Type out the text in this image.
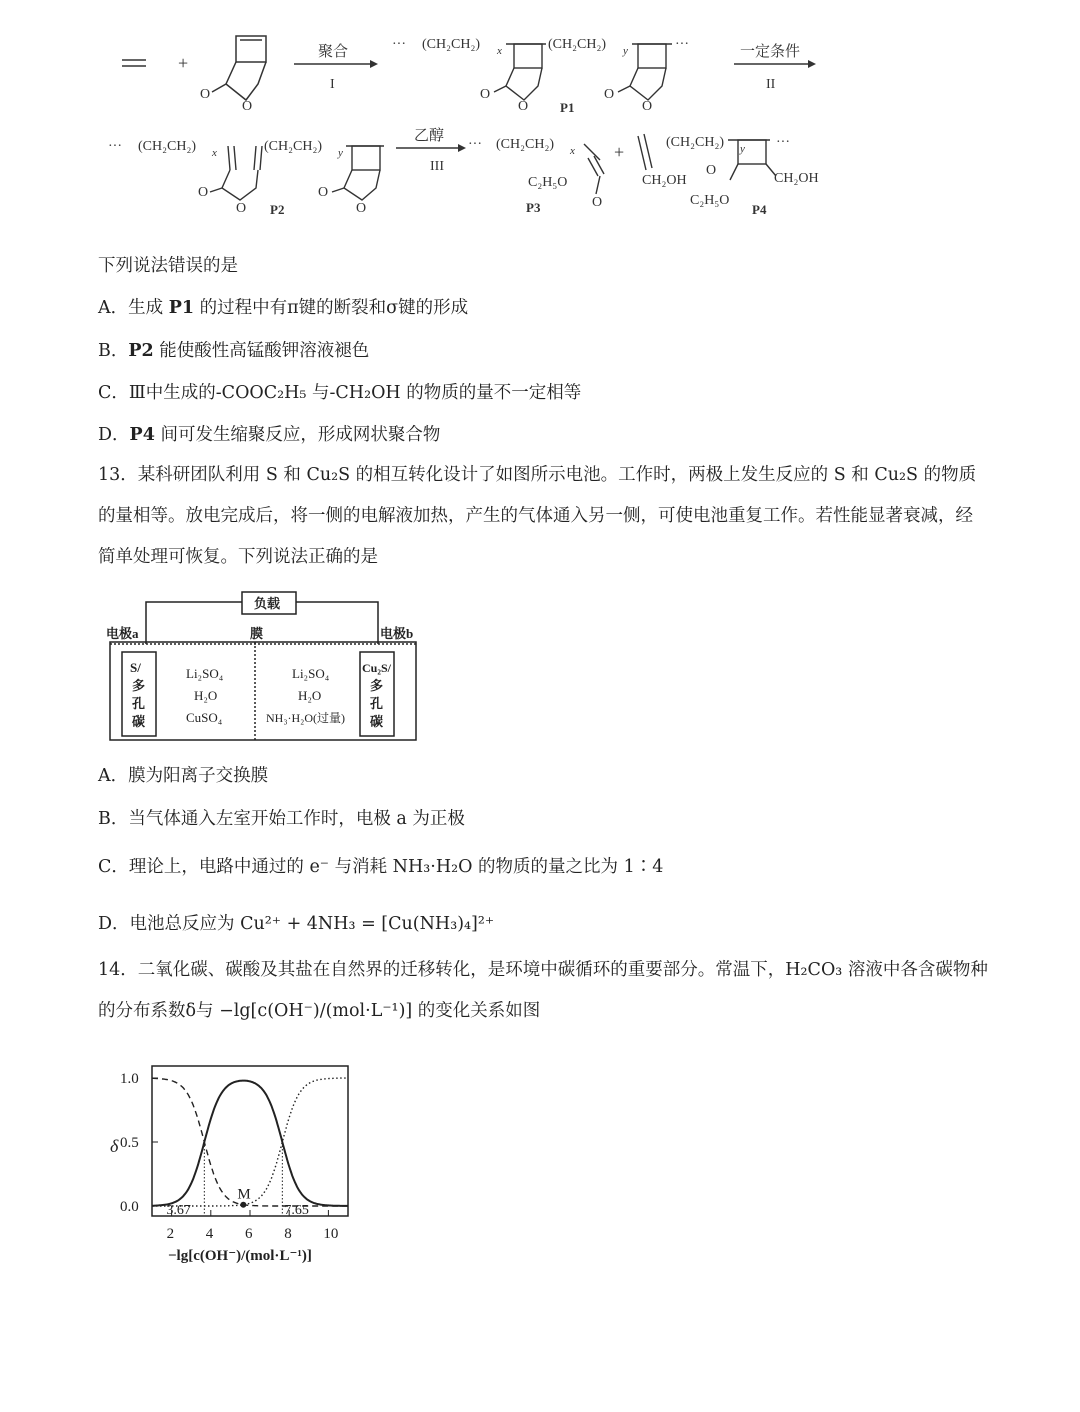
+
O
O
聚合
I
··· (CH₂CH₂) x	(CH₂CH₂) y	···
O
O
O
O
P1
一定条件
II
··· (CH₂CH₂) x	(CH₂CH₂) y
O
O
O
O
P2
乙醇
III
··· (CH₂CH₂) x
C₂H₅O
O
P3
+	(CH₂CH₂) y ···
CH₂OH
O
C₂H₅O
CH₂OH
P4
下列说法错误的是
A．生成 P1 的过程中有π键的断裂和σ键的形成
B．P2 能使酸性高锰酸钾溶液褪色
C．Ⅲ中生成的-COOC₂H₅ 与-CH₂OH 的物质的量不一定相等
D．P4 间可发生缩聚反应，形成网状聚合物
13．某科研团队利用 S 和 Cu₂S 的相互转化设计了如图所示电池。工作时，两极上发生反应的 S 和 Cu₂S 的物质的量相等。放电完成后，将一侧的电解液加热，产生的气体通入另一侧，可使电池重复工作。若性能显著衰减，经简单处理可恢复。下列说法正确的是
负载
电极a	膜	电极b
S/
多
孔
碳
Cu₂S/
多
孔
碳
Li₂SO₄
H₂O
CuSO₄
Li₂SO₄
H₂O
NH₃·H₂O(过量)
A．膜为阳离子交换膜
B．当气体通入左室开始工作时，电极 a 为正极
C．理论上，电路中通过的 e⁻ 与消耗 NH₃·H₂O 的物质的量之比为 1∶4
D．电池总反应为 Cu²⁺ + 4NH₃ = [Cu(NH₃)₄]²⁺
14．二氧化碳、碳酸及其盐在自然界的迁移转化，是环境中碳循环的重要部分。常温下，H₂CO₃ 溶液中各含碳物种的分布系数δ与 −lg[c(OH⁻)/(mol·L⁻¹)] 的变化关系如图
2 4 6 8 10
0.0
0.5
1.0
3.67	7.65
M
δ
−lg[c(OH⁻)/(mol·L⁻¹)]
